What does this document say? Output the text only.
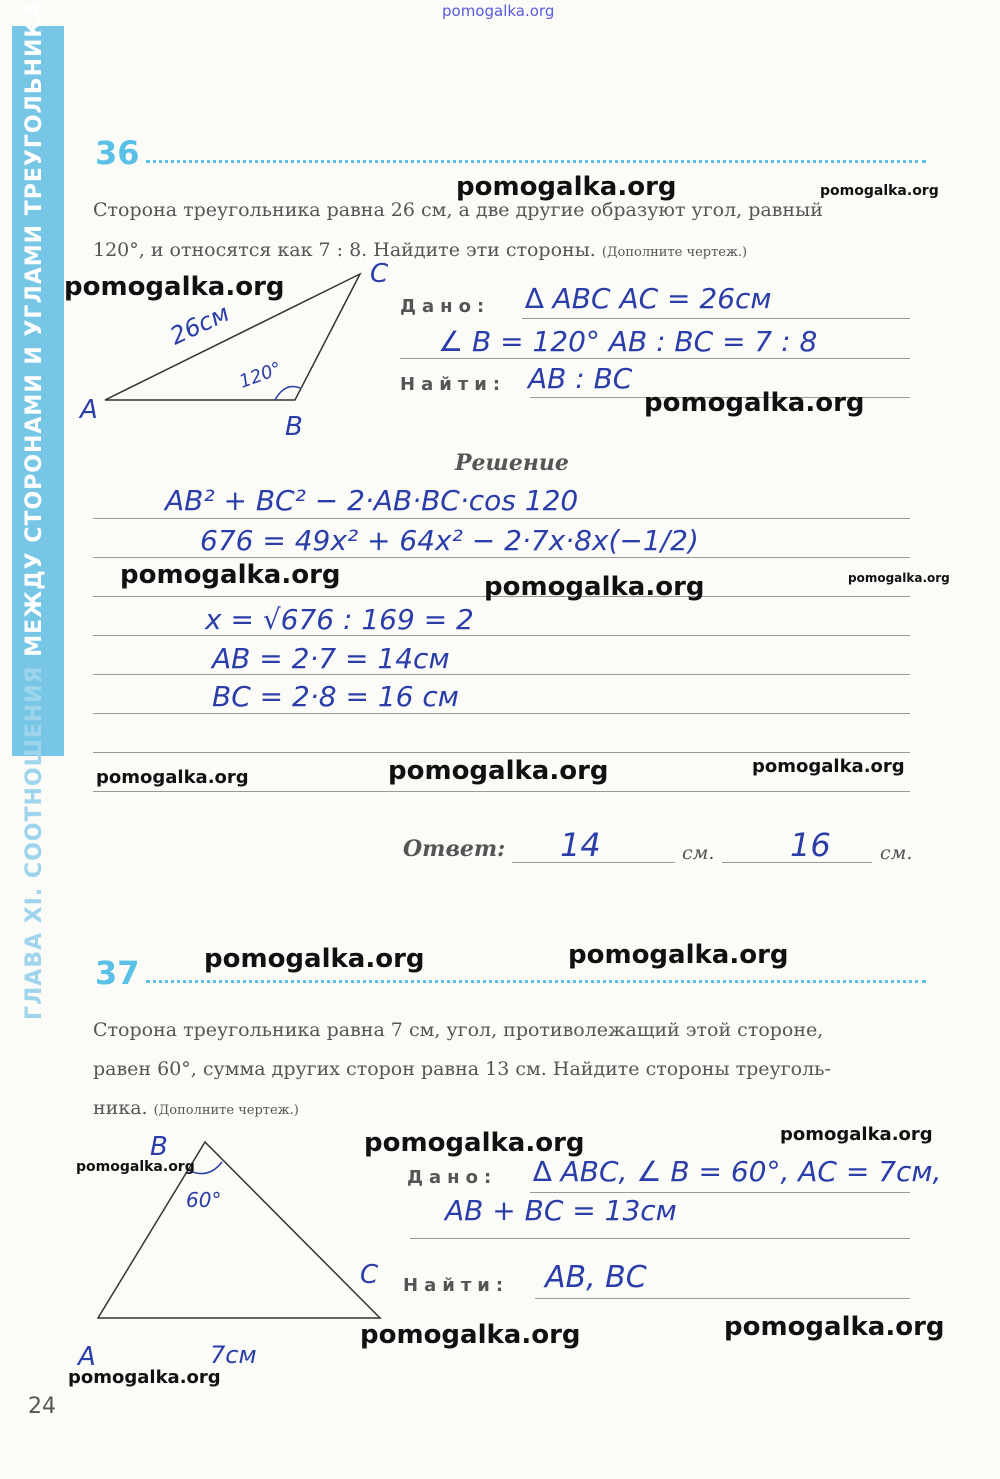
pomogalka.org
ГЛАВА XI. СООТНОШЕНИЯ МЕЖДУ СТОРОНАМИ И УГЛАМИ ТРЕУГОЛЬНИКА 36
Сторона треугольника равна 26 см, а две другие образуют угол, равный
120°, и относятся как 7 : 8. Найдите эти стороны. (Дополните чертеж.)
A
B
C
26см
120°
Дано: ∆ ABC AC = 26см
∠ B = 120° AB : BC = 7 : 8
Найти: AB : BC
Решение
AB² + BC² − 2·AB·BC·cos 120
676 = 49x² + 64x² − 2·7x·8x(−1/2)
x = √676 : 169 = 2
AB = 2·7 = 14см
BC = 2·8 = 16 см
Ответ: 14	см. 16	см.
37
Сторона треугольника равна 7 см, угол, противолежащий этой стороне,
равен 60°, сумма других сторон равна 13 см. Найдите стороны треуголь-
ника. (Дополните чертеж.)
B
A
C
60°
7см
Дано: ∆ ABC, ∠ B = 60°, AC = 7см,
AB + BC = 13см
Найти: AB, BC
24
pomogalka.org	pomogalka.org
pomogalka.org
pomogalka.org
pomogalka.org	pomogalka.org	pomogalka.org
pomogalka.org	pomogalka.org	pomogalka.org
pomogalka.org	pomogalka.org
pomogalka.org	pomogalka.org
pomogalka.org
pomogalka.org	pomogalka.org
pomogalka.org
